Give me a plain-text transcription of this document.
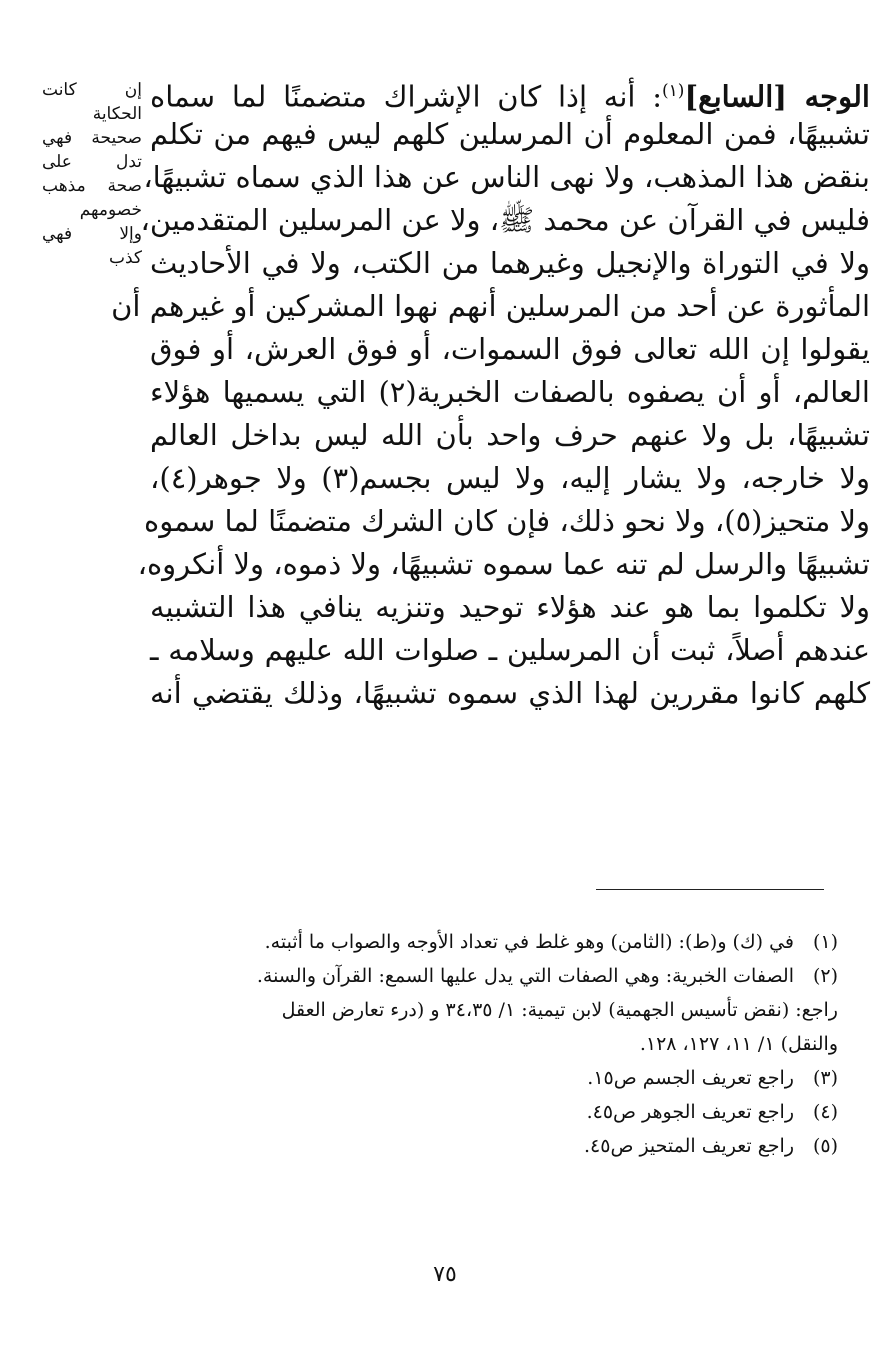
الوجه [السابع]$^{(١)}$: أنه إذا كان الإشراك متضمنًا لما سماه
تشبيهًا، فمن المعلوم أن المرسلين كلهم ليس فيهم من تكلم
بنقض هذا المذهب، ولا نهى الناس عن هذا الذي سماه تشبيهًا،
فليس في القرآن عن محمد ﷺ، ولا عن المرسلين المتقدمين،
ولا في التوراة والإنجيل وغيرهما من الكتب، ولا في الأحاديث
المأثورة عن أحد من المرسلين أنهم نهوا المشركين أو غيرهم أن
يقولوا إن الله تعالى فوق السموات، أو فوق العرش، أو فوق
العالم، أو أن يصفوه بالصفات الخبرية(٢) التي يسميها هؤلاء
تشبيهًا، بل ولا عنهم حرف واحد بأن الله ليس بداخل العالم
ولا خارجه، ولا يشار إليه، ولا ليس بجسم(٣) ولا جوهر(٤)،
ولا متحيز(٥)، ولا نحو ذلك، فإن كان الشرك متضمنًا لما سموه
تشبيهًا والرسل لم تنه عما سموه تشبيهًا، ولا ذموه، ولا أنكروه،
ولا تكلموا بما هو عند هؤلاء توحيد وتنزيه ينافي هذا التشبيه
عندهم أصلاً، ثبت أن المرسلين ـ صلوات الله عليهم وسلامه ـ
كلهم كانوا مقررين لهذا الذي سموه تشبيهًا، وذلك يقتضي أنه
إن كانت
الحكاية
صحيحة فهي
تدل على
صحة مذهب
خصومهم
وإلا فهي
كذب
(١)
في (ك) و(ط): (الثامن) وهو غلط في تعداد الأوجه والصواب ما أثبته.
(٢)
الصفات الخبرية: وهي الصفات التي يدل عليها السمع: القرآن والسنة.
راجع: (نقض تأسيس الجهمية) لابن تيمية: ١/ ٣٤،٣٥ و (درء تعارض العقل
والنقل) ١/ ١١، ١٢٧، ١٢٨.
(٣)
راجع تعريف الجسم ص١٥.
(٤)
راجع تعريف الجوهر ص٤٥.
(٥)
راجع تعريف المتحيز ص٤٥.
٧٥
